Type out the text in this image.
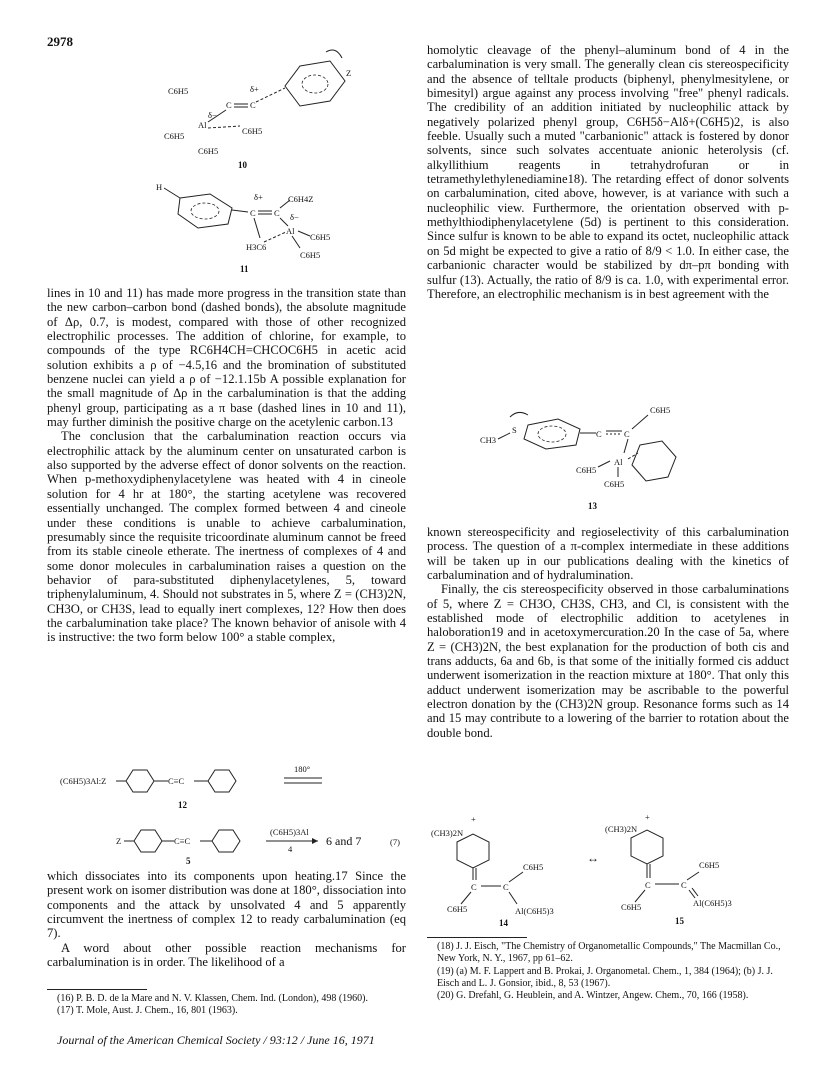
2978
Z
C6H5
C C
δ+
δ−
Al
C6H5
C6H5
C6H5
10
H
C C
δ+
δ−
C6H4Z
Al
C6H5
C6H5
H3C6
11

lines in 10 and 11) has made more progress in the transition state than the new carbon–carbon bond (dashed bonds), the absolute magnitude of Δρ, 0.7, is modest, compared with those of other recognized electrophilic processes. The addition of chlorine, for example, to compounds of the type RC6H4CH=CHCOC6H5 in acetic acid solution exhibits a ρ of −4.5,16 and the bromination of substituted benzene nuclei can yield a ρ of −12.1.15b A possible explanation for the small magnitude of Δρ in the carbalumination is that the adding phenyl group, participating as a π base (dashed lines in 10 and 11), may further diminish the positive charge on the acetylenic carbon.13

The conclusion that the carbalumination reaction occurs via electrophilic attack by the aluminum center on unsaturated carbon is also supported by the adverse effect of donor solvents on the reaction. When p-methoxydiphenylacetylene was heated with 4 in cineole solution for 4 hr at 180°, the starting acetylene was recovered essentially unchanged. The complex formed between 4 and cineole under these conditions is unable to achieve carbalumination, presumably since the requisite tricoordinate aluminum cannot be freed from its stable cineole etherate. The inertness of complexes of 4 and some donor molecules in carbalumination raises a question on the behavior of para-substituted diphenylacetylenes, 5, toward triphenylaluminum, 4. Should not substrates in 5, where Z = (CH3)2N, CH3O, or CH3S, lead to equally inert complexes, 12? How then does the carbalumination take place? The known behavior of anisole with 4 is instructive: the two form below 100° a stable complex,

(C6H5)3Al:Z	C≡C
180°
12
Z	C≡C
(C6H5)3Al
4
6 and 7	(7)
5

which dissociates into its components upon heating.17 Since the present work on isomer distribution was done at 180°, dissociation into components and the attack by unsolvated 4 and 5 apparently circumvent the inertness of complex 12 to ready carbalumination (eq 7).

A word about other possible reaction mechanisms for carbalumination is in order. The likelihood of a

(16) P. B. D. de la Mare and N. V. Klassen, Chem. Ind. (London), 498 (1960).
(17) T. Mole, Aust. J. Chem., 16, 801 (1963).

homolytic cleavage of the phenyl–aluminum bond of 4 in the carbalumination is very small. The generally clean cis stereospecificity and the absence of telltale products (biphenyl, phenylmesitylene, or bimesityl) argue against any process involving "free" phenyl radicals. The credibility of an addition initiated by nucleophilic attack by negatively polarized phenyl group, C6H5δ−Alδ+(C6H5)2, is also feeble. Usually such a muted "carbanionic" attack is fostered by donor solvents, since such solvates accentuate anionic heterolysis (cf. alkyllithium reagents in tetrahydrofuran or in tetramethylethylenediamine18). The retarding effect of donor solvents on carbalumination, cited above, however, is at variance with such a nucleophilic view. Furthermore, the orientation observed with p-methylthiodiphenylacetylene (5d) is pertinent to this consideration. Since sulfur is known to be able to expand its octet, nucleophilic attack on 5d might be expected to give a ratio of 8/9 < 1.0. In either case, the carbanionic character would be stabilized by dπ–pπ bonding with sulfur (13). Actually, the ratio of 8/9 is ca. 1.0, with experimental error. Therefore, an electrophilic mechanism is in best agreement with the

CH3
S	C	C
C6H5
Al
C6H5
C6H5
13

known stereospecificity and regioselectivity of this carbalumination process. The question of a π-complex intermediate in these additions will be taken up in our publications dealing with the kinetics of carbalumination and of hydralumination.

Finally, the cis stereospecificity observed in those carbaluminations of 5, where Z = CH3O, CH3S, CH3, and Cl, is consistent with the established mode of electrophilic addition to acetylenes in haloboration19 and in acetoxymercuration.20 In the case of 5a, where Z = (CH3)2N, the best explanation for the production of both cis and trans adducts, 6a and 6b, is that some of the initially formed cis adduct underwent isomerization in the reaction mixture at 180°. That only this adduct underwent isomerization may be ascribable to the powerful electron donation by the (CH3)2N group. Resonance forms such as 14 and 15 may contribute to a lowering of the barrier to rotation about the double bond.

(CH3)2N
+
C	C
C6H5
C6H5	Al(C6H5)3
14
↔
(CH3)2N
+
C	C
C6H5
C6H5	Al(C6H5)3
15
(18) J. J. Eisch, "The Chemistry of Organometallic Compounds," The Macmillan Co., New York, N. Y., 1967, pp 61–62.
(19) (a) M. F. Lappert and B. Prokai, J. Organometal. Chem., 1, 384 (1964); (b) J. J. Eisch and L. J. Gonsior, ibid., 8, 53 (1967).
(20) G. Drefahl, G. Heublein, and A. Wintzer, Angew. Chem., 70, 166 (1958).
Journal of the American Chemical Society / 93:12 / June 16, 1971
